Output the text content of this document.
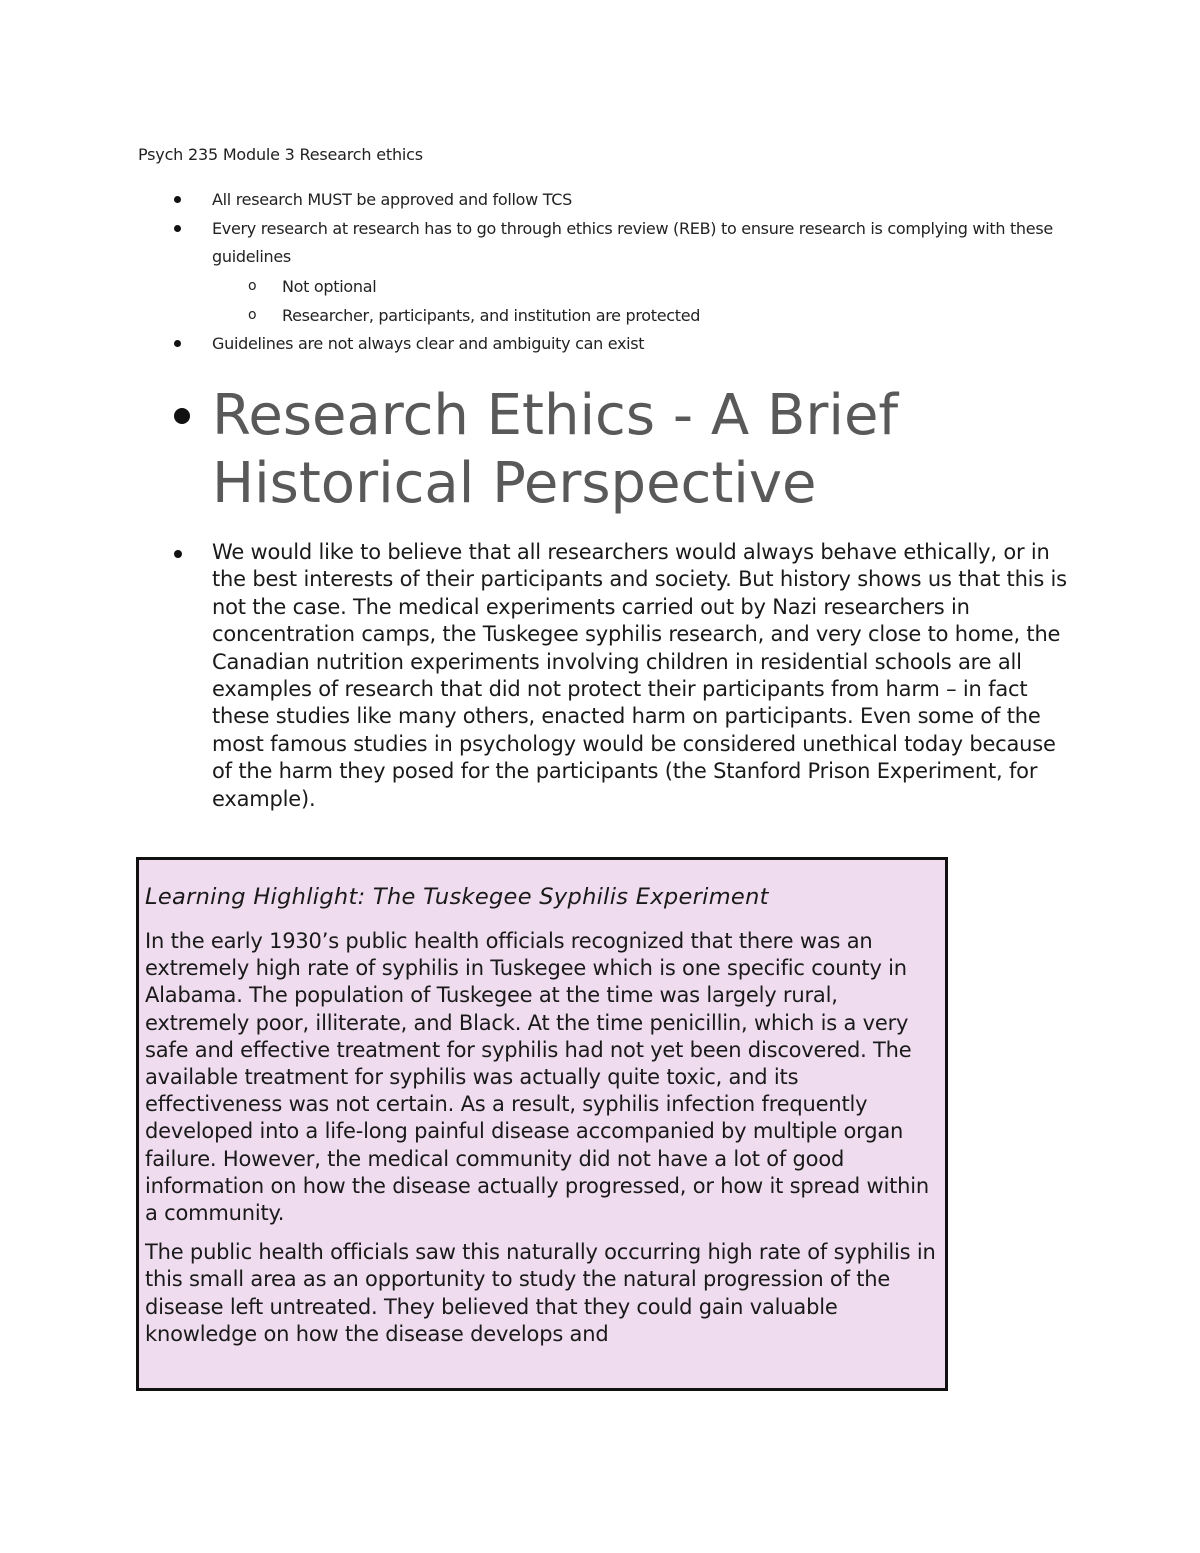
Psych 235 Module 3 Research ethics
All research MUST be approved and follow TCS
Every research at research has to go through ethics review (REB) to ensure research is complying with these guidelines
o Not optional
o Researcher, participants, and institution are protected
Guidelines are not always clear and ambiguity can exist
Research Ethics - A Brief Historical Perspective
We would like to believe that all researchers would always behave ethically, or in the best interests of their participants and society. But history shows us that this is not the case. The medical experiments carried out by Nazi researchers in concentration camps, the Tuskegee syphilis research, and very close to home, the Canadian nutrition experiments involving children in residential schools are all examples of research that did not protect their participants from harm – in fact these studies like many others, enacted harm on participants. Even some of the most famous studies in psychology would be considered unethical today because of the harm they posed for the participants (the Stanford Prison Experiment, for example).
Learning Highlight: The Tuskegee Syphilis Experiment

In the early 1930’s public health officials recognized that there was an extremely high rate of syphilis in Tuskegee which is one specific county in Alabama. The population of Tuskegee at the time was largely rural, extremely poor, illiterate, and Black. At the time penicillin, which is a very safe and effective treatment for syphilis had not yet been discovered. The available treatment for syphilis was actually quite toxic, and its effectiveness was not certain. As a result, syphilis infection frequently developed into a life-long painful disease accompanied by multiple organ failure. However, the medical community did not have a lot of good information on how the disease actually progressed, or how it spread within a community.

The public health officials saw this naturally occurring high rate of syphilis in this small area as an opportunity to study the natural progression of the disease left untreated. They believed that they could gain valuable knowledge on how the disease develops and
